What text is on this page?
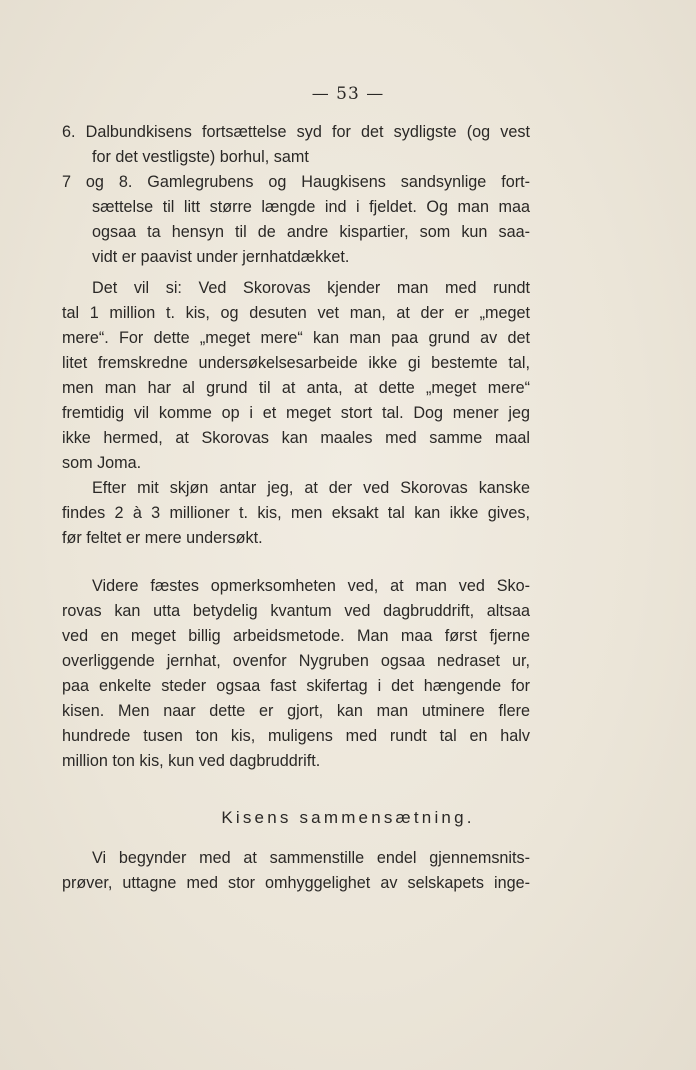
— 53 —
6. Dalbundkisens fortsættelse syd for det sydligste (og vest
for det vestligste) borhul, samt
7 og 8. Gamlegrubens og Haugkisens sandsynlige fort-
sættelse til litt større længde ind i fjeldet. Og man maa
ogsaa ta hensyn til de andre kispartier, som kun saa-
vidt er paavist under jernhatdækket.
Det vil si: Ved Skorovas kjender man med rundt
tal 1 million t. kis, og desuten vet man, at der er „meget
mere“. For dette „meget mere“ kan man paa grund av det
litet fremskredne undersøkelsesarbeide ikke gi bestemte tal,
men man har al grund til at anta, at dette „meget mere“
fremtidig vil komme op i et meget stort tal. Dog mener jeg
ikke hermed, at Skorovas kan maales med samme maal
som Joma.
Efter mit skjøn antar jeg, at der ved Skorovas kanske
findes 2 à 3 millioner t. kis, men eksakt tal kan ikke gives,
før feltet er mere undersøkt.
Videre fæstes opmerksomheten ved, at man ved Sko-
rovas kan utta betydelig kvantum ved dagbruddrift, altsaa
ved en meget billig arbeidsmetode. Man maa først fjerne
overliggende jernhat, ovenfor Nygruben ogsaa nedraset ur,
paa enkelte steder ogsaa fast skifertag i det hængende for
kisen. Men naar dette er gjort, kan man utminere flere
hundrede tusen ton kis, muligens med rundt tal en halv
million ton kis, kun ved dagbruddrift.
Kisens sammensætning.
Vi begynder med at sammenstille endel gjennemsnits-
prøver, uttagne med stor omhyggelighet av selskapets inge-
